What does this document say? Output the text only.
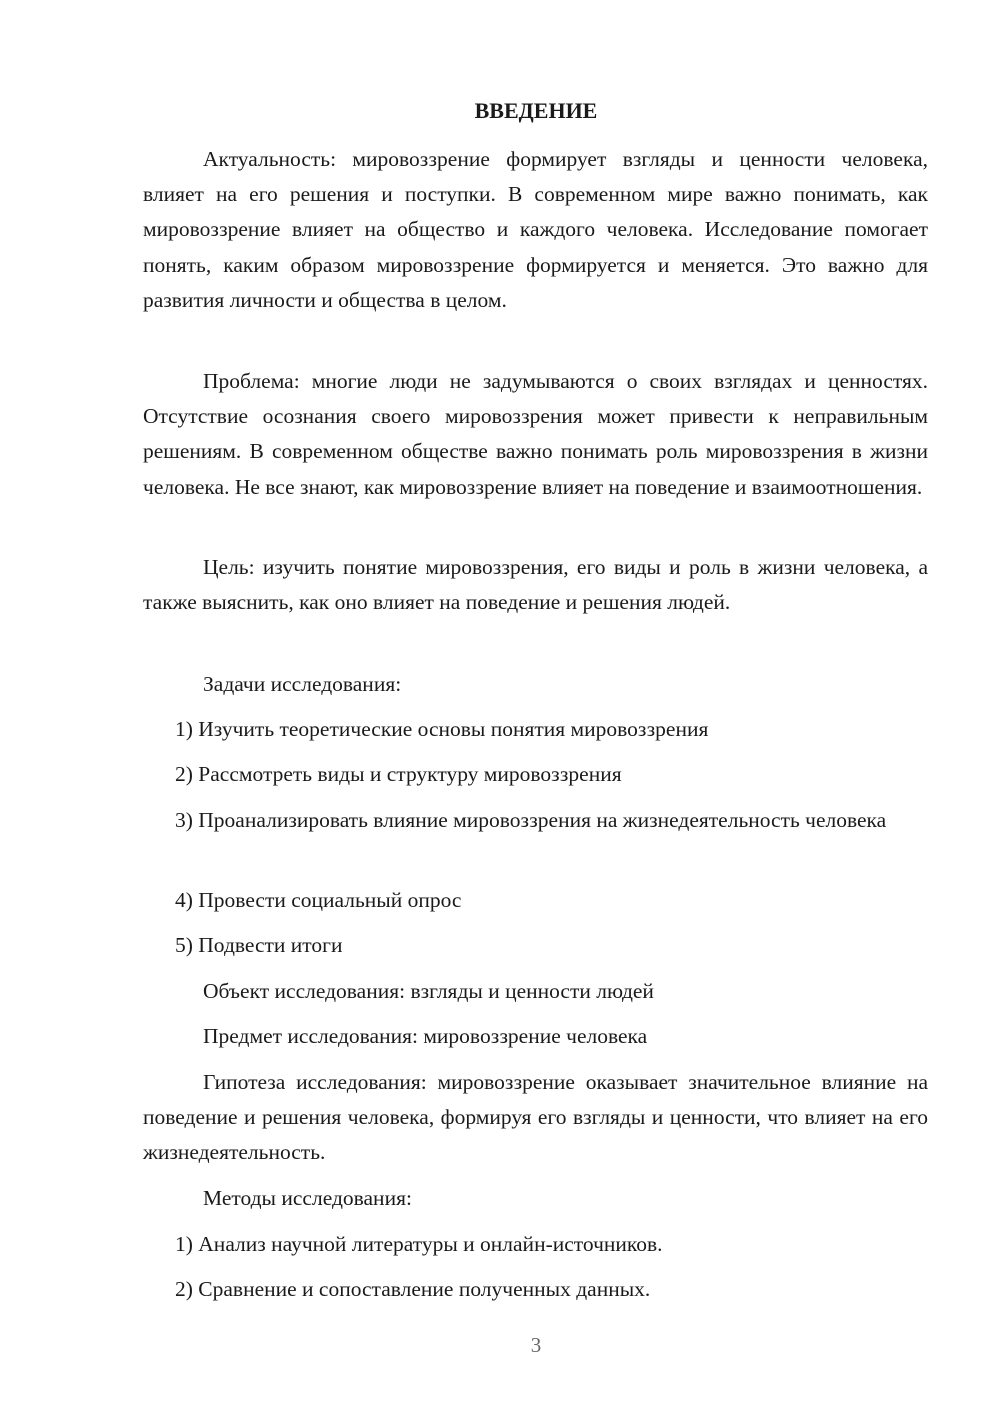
ВВЕДЕНИЕ

Актуальность: мировоззрение формирует взгляды и ценности человека, влияет на его решения и поступки. В современном мире важно понимать, как мировоззрение влияет на общество и каждого человека. Исследование помогает понять, каким образом мировоззрение формируется и меняется. Это важно для развития личности и общества в целом.

Проблема: многие люди не задумываются о своих взглядах и ценностях. Отсутствие осознания своего мировоззрения может привести к неправильным решениям. В современном обществе важно понимать роль мировоззрения в жизни человека. Не все знают, как мировоззрение влияет на поведение и взаимоотношения.

Цель: изучить понятие мировоззрения, его виды и роль в жизни человека, а также выяснить, как оно влияет на поведение и решения людей.

Задачи исследования:

1) Изучить теоретические основы понятия мировоззрения

2) Рассмотреть виды и структуру мировоззрения

3) Проанализировать влияние мировоззрения на жизнедеятельность человека

4) Провести социальный опрос

5) Подвести итоги

Объект исследования: взгляды и ценности людей

Предмет исследования: мировоззрение человека

Гипотеза исследования: мировоззрение оказывает значительное влияние на поведение и решения человека, формируя его взгляды и ценности, что влияет на его жизнедеятельность.

Методы исследования:

1) Анализ научной литературы и онлайн-источников.

2) Сравнение и сопоставление полученных данных.

3
